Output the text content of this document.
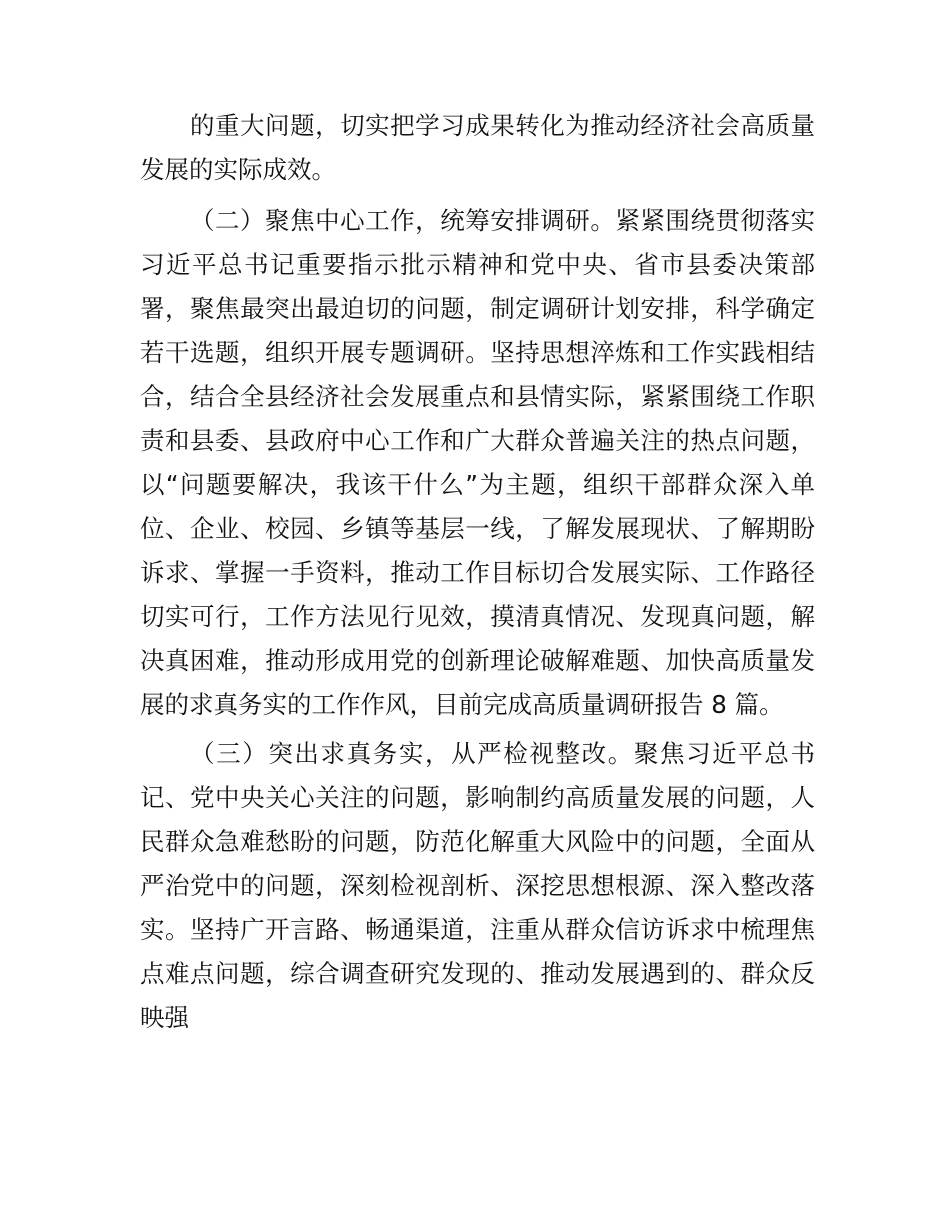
的重大问题，切实把学习成果转化为推动经济社会高质量
发展的实际成效。
（二）聚焦中心工作，统筹安排调研。紧紧围绕贯彻落实
习近平总书记重要指示批示精神和党中央、省市县委决策部
署，聚焦最突出最迫切的问题，制定调研计划安排，科学确定
若干选题，组织开展专题调研。坚持思想淬炼和工作实践相结
合，结合全县经济社会发展重点和县情实际，紧紧围绕工作职
责和县委、县政府中心工作和广大群众普遍关注的热点问题，
以“问题要解决，我该干什么”为主题，组织干部群众深入单
位、企业、校园、乡镇等基层一线，了解发展现状、了解期盼
诉求、掌握一手资料，推动工作目标切合发展实际、工作路径
切实可行，工作方法见行见效，摸清真情况、发现真问题，解
决真困难，推动形成用党的创新理论破解难题、加快高质量发
展的求真务实的工作作风，目前完成高质量调研报告 8 篇。
（三）突出求真务实，从严检视整改。聚焦习近平总书
记、党中央关心关注的问题，影响制约高质量发展的问题，人
民群众急难愁盼的问题，防范化解重大风险中的问题，全面从
严治党中的问题，深刻检视剖析、深挖思想根源、深入整改落
实。坚持广开言路、畅通渠道，注重从群众信访诉求中梳理焦
点难点问题，综合调查研究发现的、推动发展遇到的、群众反
映强
